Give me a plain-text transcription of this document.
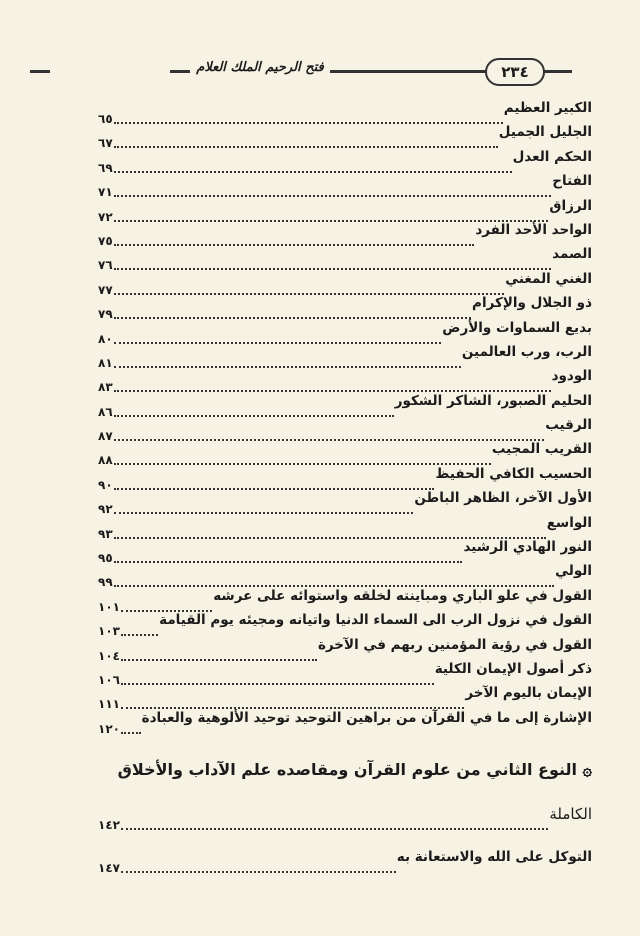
فتح الرحيم الملك العلام	٢٣٤
الكبير العظيم
٦٥
الجليل الجميل
٦٧
الحكم العدل
٦٩
الفتاح
٧١
الرزاق
٧٢
الواحد الأحد الفرد
٧٥
الصمد
٧٦
الغني المغني
٧٧
ذو الجلال والإكرام
٧٩
بديع السماوات والأرض
٨٠
الرب، ورب العالمين
٨١
الودود
٨٣
الحليم الصبور، الشاكر الشكور
٨٦
الرقيب
٨٧
القريب المجيب
٨٨
الحسيب الكافي الحفيظ
٩٠
الأول الآخر، الظاهر الباطن
٩٢
الواسع
٩٣
النور الهادي الرشيد
٩٥
الولي
٩٩
القول في علو الباري ومباينته لخلقه واستوائه على عرشه
١٠١
القول في نزول الرب الى السماء الدنيا واتيانه ومجيئه يوم القيامة
١٠٣
القول في رؤية المؤمنين ربهم في الآخرة
١٠٤
ذكر أصول الإيمان الكلية
١٠٦
الإيمان باليوم الآخر
١١١
الإشارة إلى ما في القرآن من براهين التوحيد توحيد الألوهية والعبادة
١٢٠
۞ النوع الثاني من علوم القرآن ومقاصده علم الآداب والأخلاق
الكاملة
١٤٢
التوكل على الله والاستعانة به
١٤٧
